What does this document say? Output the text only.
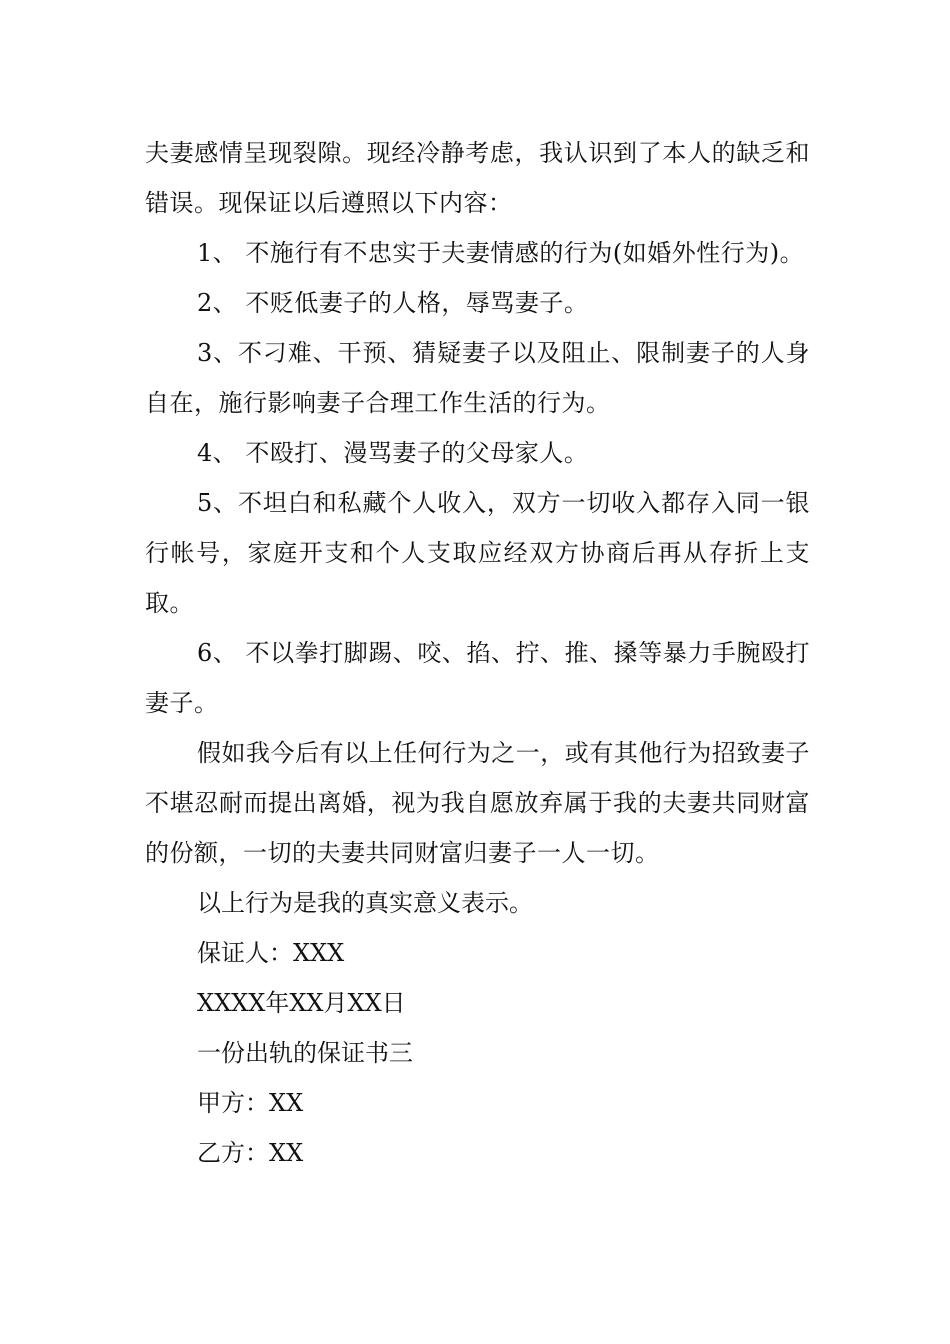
夫妻感情呈现裂隙。现经冷静考虑，我认识到了本人的缺乏和错误。现保证以后遵照以下内容：

1、 不施行有不忠实于夫妻情感的行为(如婚外性行为)。

2、 不贬低妻子的人格，辱骂妻子。

3、不刁难、干预、猜疑妻子以及阻止、限制妻子的人身自在，施行影响妻子合理工作生活的行为。

4、 不殴打、漫骂妻子的父母家人。

5、不坦白和私藏个人收入，双方一切收入都存入同一银行帐号，家庭开支和个人支取应经双方协商后再从存折上支取。

6、 不以拳打脚踢、咬、掐、拧、推、搡等暴力手腕殴打妻子。

假如我今后有以上任何行为之一，或有其他行为招致妻子不堪忍耐而提出离婚，视为我自愿放弃属于我的夫妻共同财富的份额，一切的夫妻共同财富归妻子一人一切。

以上行为是我的真实意义表示。

保证人：XXX

XXXX年XX月XX日

一份出轨的保证书三

甲方：XX

乙方：XX
